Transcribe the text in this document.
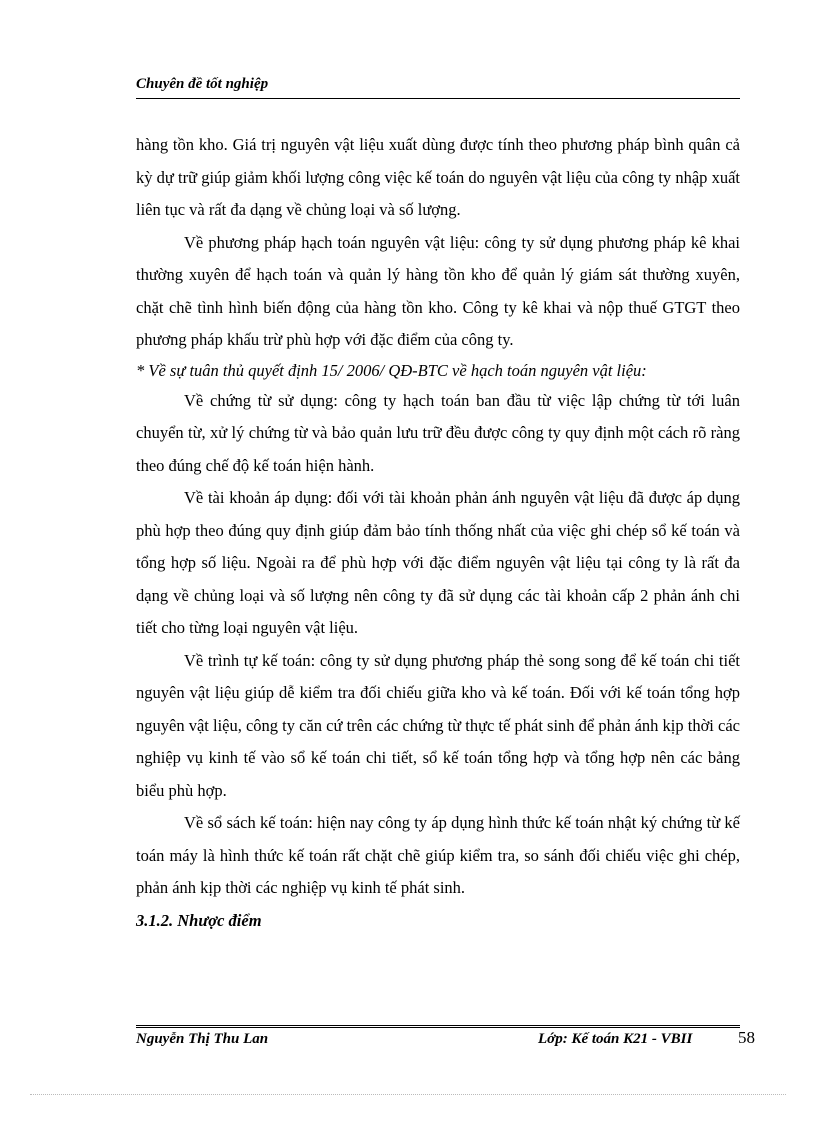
Chuyên đề tốt nghiệp

hàng tồn kho. Giá trị nguyên vật liệu xuất dùng được tính theo phương pháp bình quân cả kỳ dự trữ giúp giảm khối lượng công việc kế toán do nguyên vật liệu của công ty nhập xuất liên tục và rất đa dạng về chủng loại và số lượng.

Về phương pháp hạch toán nguyên vật liệu: công ty sử dụng phương pháp kê khai thường xuyên để hạch toán và quản lý hàng tồn kho để quản lý giám sát thường xuyên, chặt chẽ tình hình biến động của hàng tồn kho. Công ty kê khai và nộp thuế GTGT theo phương pháp khấu trừ phù hợp với đặc điểm của công ty.

* Về sự tuân thủ quyết định 15/ 2006/ QĐ-BTC về hạch toán nguyên vật liệu:

Về chứng từ sử dụng: công ty hạch toán ban đầu từ việc lập chứng từ tới luân chuyển từ, xử lý chứng từ và bảo quản lưu trữ đều được công ty quy định một cách rõ ràng theo đúng chế độ kế toán hiện hành.

Về tài khoản áp dụng: đối với tài khoản phản ánh nguyên vật liệu đã được áp dụng phù hợp theo đúng quy định giúp đảm bảo tính thống nhất của việc ghi chép sổ kế toán và tổng hợp số liệu. Ngoài ra để phù hợp với đặc điểm nguyên vật liệu tại công ty là rất đa dạng về chủng loại và số lượng nên công ty đã sử dụng các tài khoản cấp 2 phản ánh chi tiết cho từng loại nguyên vật liệu.

Về trình tự kế toán: công ty sử dụng phương pháp thẻ song song để kế toán chi tiết nguyên vật liệu giúp dễ kiểm tra đối chiếu giữa kho và kế toán. Đối với kế toán tổng hợp nguyên vật liệu, công ty căn cứ trên các chứng từ thực tế phát sinh để phản ánh kịp thời các nghiệp vụ kinh tế vào sổ kế toán chi tiết, sổ kế toán tổng hợp và tổng hợp nên các bảng biểu phù hợp.

Về sổ sách kế toán: hiện nay công ty áp dụng hình thức kế toán nhật ký chứng từ kế toán máy là hình thức kế toán rất chặt chẽ giúp kiểm tra, so sánh đối chiếu việc ghi chép, phản ánh kịp thời các nghiệp vụ kinh tế phát sinh.

3.1.2. Nhược điểm

Nguyễn Thị Thu Lan	Lớp: Kế toán K21 - VBII	58
